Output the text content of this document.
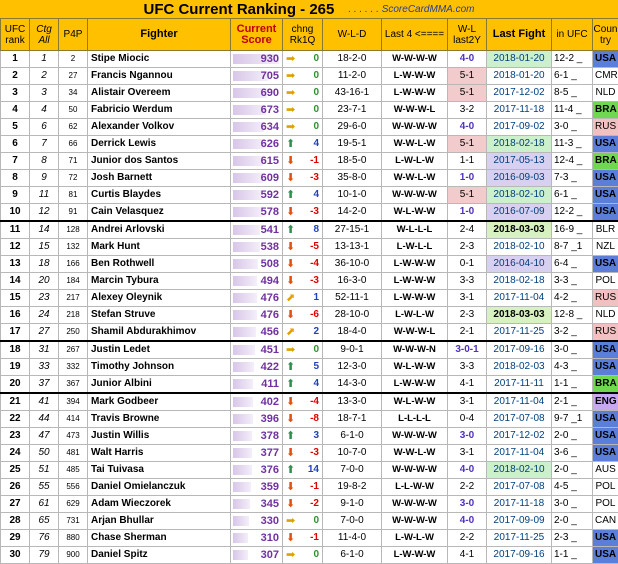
UFC Current Ranking - 265 . . . . . . ScoreCardMMA.com
UFC rank	Ctg All	P4P	Fighter	Current Score	chng Rk1Q	W-L-D	Last 4 <====	W-L last2Y	Last Fight	in UFC	Coun try
1	1	2	Stipe Miocic	930	➡ 0	18-2-0	W-W-W-W	4-0	2018-01-20	12-2 _	USA
2	2	27	Francis Ngannou	705	➡ 0	11-2-0	L-W-W-W	5-1	2018-01-20	6-1 _	CMR
3	3	34	Alistair Overeem	690	➡ 0	43-16-1	L-W-W-W	5-1	2017-12-02	8-5 _	NLD
4	4	50	Fabricio Werdum	673	➡ 0	23-7-1	W-W-W-L	3-2	2017-11-18	11-4 _	BRA
5	6	62	Alexander Volkov	634	➡ 0	29-6-0	W-W-W-W	4-0	2017-09-02	3-0 _	RUS
6	7	66	Derrick Lewis	626	⬆ 4	19-5-1	W-W-L-W	5-1	2018-02-18	11-3 _	USA
7	8	71	Junior dos Santos	615	⬇ -1	18-5-0	L-W-L-W	1-1	2017-05-13	12-4 _	BRA
8	9	72	Josh Barnett	609	⬇ -3	35-8-0	W-W-L-W	1-0	2016-09-03	7-3 _	USA
9	11	81	Curtis Blaydes	592	⬆ 4	10-1-0	W-W-W-W	5-1	2018-02-10	6-1 _	USA
10	12	91	Cain Velasquez	578	⬇ -3	14-2-0	W-L-W-W	1-0	2016-07-09	12-2 _	USA
11	14	128	Andrei Arlovski	541	⬆ 8	27-15-1	W-L-L-L	2-4	2018-03-03	16-9 _	BLR
12	15	132	Mark Hunt	538	⬇ -5	13-13-1	L-W-L-L	2-3	2018-02-10	8-7 _1	NZL
13	18	166	Ben Rothwell	508	⬇ -4	36-10-0	L-W-W-W	0-1	2016-04-10	6-4 _	USA
14	20	184	Marcin Tybura	494	⬇ -3	16-3-0	L-W-W-W	3-3	2018-02-18	3-3 _	POL
15	23	217	Alexey Oleynik	476	⬈ 1	52-11-1	L-W-W-W	3-1	2017-11-04	4-2 _	RUS
16	24	218	Stefan Struve	476	⬇ -6	28-10-0	L-W-L-W	2-3	2018-03-03	12-8 _	NLD
17	27	250	Shamil Abdurakhimov	456	⬈ 2	18-4-0	W-W-W-L	2-1	2017-11-25	3-2 _	RUS
18	31	267	Justin Ledet	451	➡ 0	9-0-1	W-W-W-N	3-0-1	2017-09-16	3-0 _	USA
19	33	332	Timothy Johnson	422	⬆ 5	12-3-0	W-L-W-W	3-3	2018-02-03	4-3 _	USA
20	37	367	Junior Albini	411	⬆ 4	14-3-0	L-W-W-W	4-1	2017-11-11	1-1 _	BRA
21	41	394	Mark Godbeer	402	⬇ -4	13-3-0	W-L-W-W	3-1	2017-11-04	2-1 _	ENG
22	44	414	Travis Browne	396	⬇ -8	18-7-1	L-L-L-L	0-4	2017-07-08	9-7 _1	USA
23	47	473	Justin Willis	378	⬆ 3	6-1-0	W-W-W-W	3-0	2017-12-02	2-0 _	USA
24	50	481	Walt Harris	377	⬇ -3	10-7-0	W-W-L-W	3-1	2017-11-04	3-6 _	USA
25	51	485	Tai Tuivasa	376	⬆ 14	7-0-0	W-W-W-W	4-0	2018-02-10	2-0 _	AUS
26	55	556	Daniel Omielanczuk	359	⬇ -1	19-8-2	L-L-W-W	2-2	2017-07-08	4-5 _	POL
27	61	629	Adam Wieczorek	345	⬇ -2	9-1-0	W-W-W-W	3-0	2017-11-18	3-0 _	POL
28	65	731	Arjan Bhullar	330	➡ 0	7-0-0	W-W-W-W	4-0	2017-09-09	2-0 _	CAN
29	76	880	Chase Sherman	310	⬇ -1	11-4-0	L-W-L-W	2-2	2017-11-25	2-3 _	USA
30	79	900	Daniel Spitz	307	➡ 0	6-1-0	L-W-W-W	4-1	2017-09-16	1-1 _	USA
